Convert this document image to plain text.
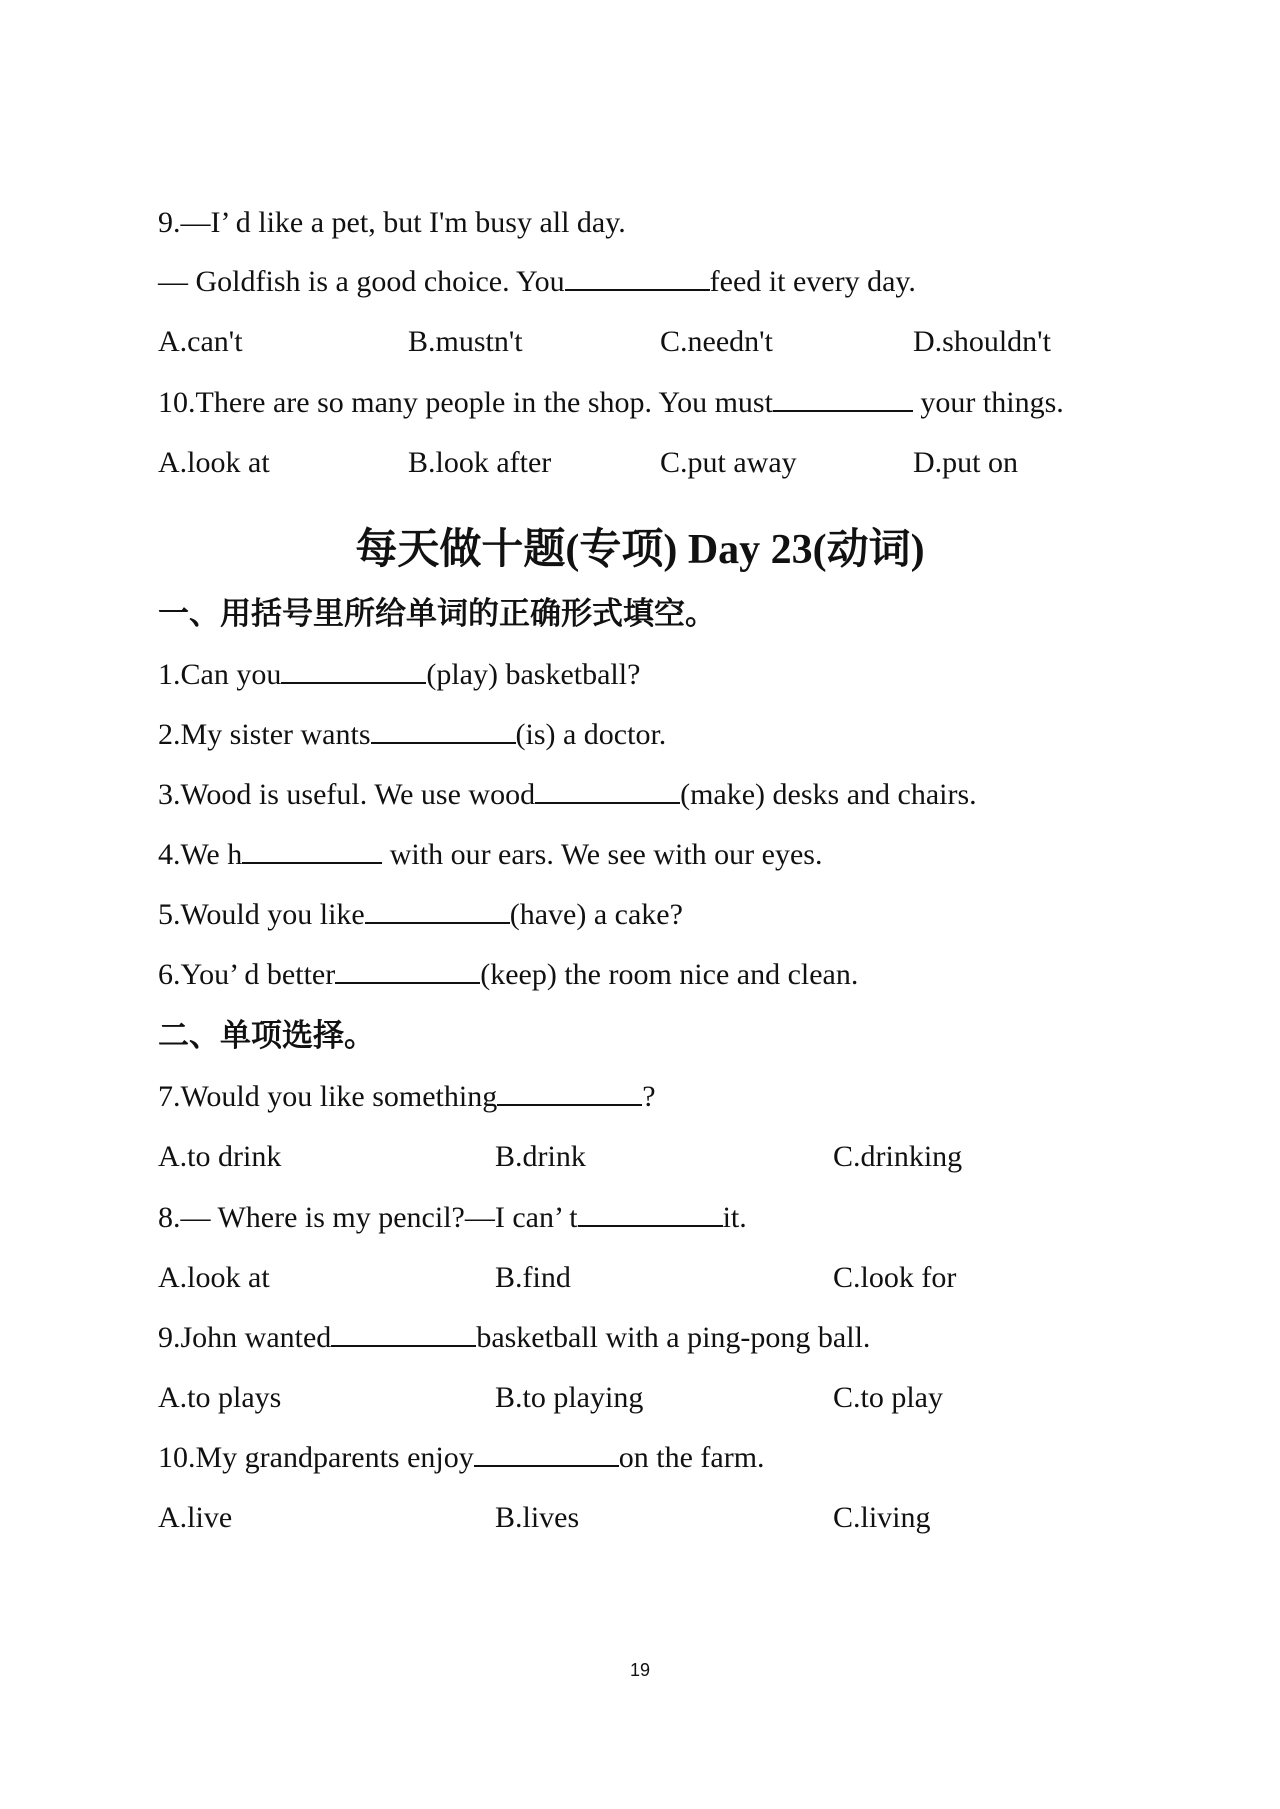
9.—I’ d like a pet, but I'm busy all day.
— Goldfish is a good choice. You	feed it every day.
A.can't	B.mustn't	C.needn't	D.shouldn't
10.There are so many people in the shop. You must	your things.
A.look at	B.look after	C.put away	D.put on
每天做十题(专项) Day 23(动词)
一、用括号里所给单词的正确形式填空。
1.Can you	(play) basketball?
2.My sister wants	(is) a doctor.
3.Wood is useful. We use wood	(make) desks and chairs.
4.We h	with our ears. We see with our eyes.
5.Would you like	(have) a cake?
6.You’ d better	(keep) the room nice and clean.
二、单项选择。
7.Would you like something	?
A.to drink	B.drink	C.drinking
8.— Where is my pencil?—I can’ t	it.
A.look at	B.find	C.look for
9.John wanted	basketball with a ping-pong ball.
A.to plays	B.to playing	C.to play
10.My grandparents enjoy	on the farm.
A.live	B.lives	C.living
19
